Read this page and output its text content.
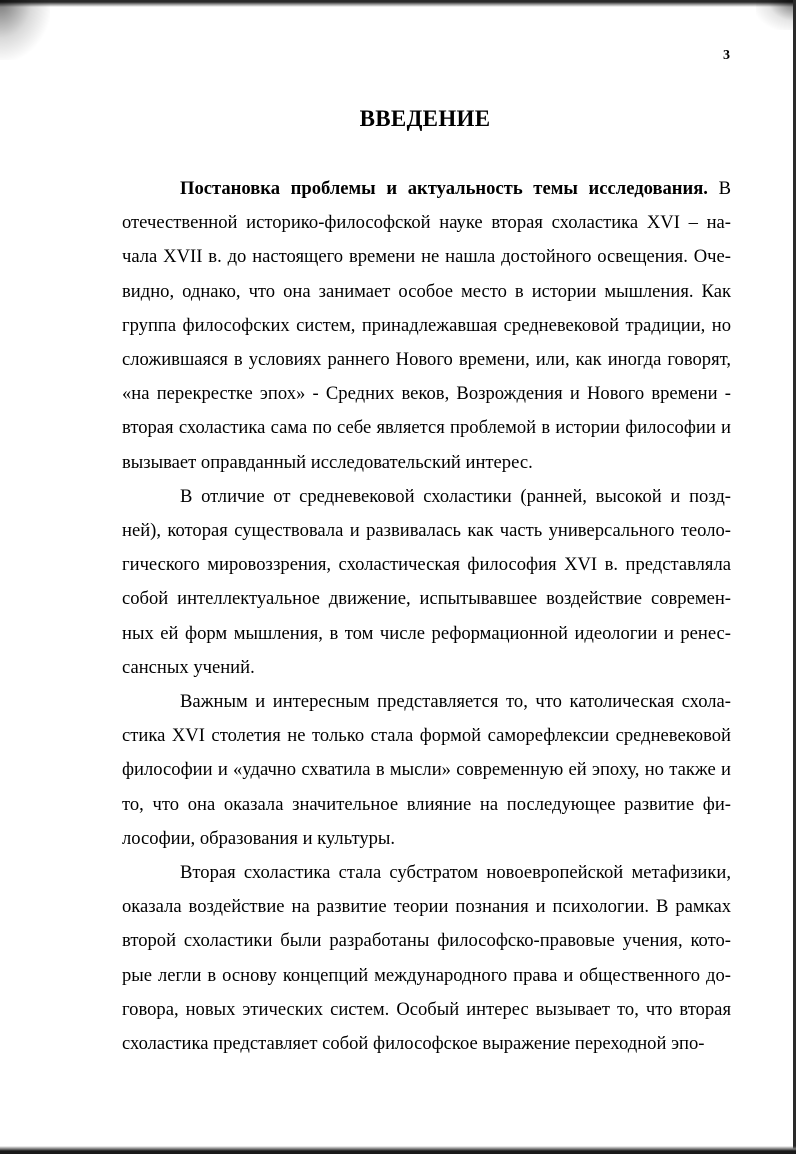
3
ВВЕДЕНИЕ

Постановка проблемы и актуальность темы исследования. В отечественной историко-философской науке вторая схоластика XVI – начала XVII в. до настоящего времени не нашла достойного освещения. Очевидно, однако, что она занимает особое место в истории мышления. Как группа философских систем, принадлежавшая средневековой традиции, но сложившаяся в условиях раннего Нового времени, или, как иногда говорят, «на перекрестке эпох» - Средних веков, Возрождения и Нового времени - вторая схоластика сама по себе является проблемой в истории философии и вызывает оправданный исследовательский интерес.

В отличие от средневековой схоластики (ранней, высокой и поздней), которая существовала и развивалась как часть универсального теологического мировоззрения, схоластическая философия XVI в. представляла собой интеллектуальное движение, испытывавшее воздействие современных ей форм мышления, в том числе реформационной идеологии и ренессансных учений.

Важным и интересным представляется то, что католическая схоластика XVI столетия не только стала формой саморефлексии средневековой философии и «удачно схватила в мысли» современную ей эпоху, но также и то, что она оказала значительное влияние на последующее развитие философии, образования и культуры.

Вторая схоластика стала субстратом новоевропейской метафизики, оказала воздействие на развитие теории познания и психологии. В рамках второй схоластики были разработаны философско-правовые учения, которые легли в основу концепций международного права и общественного договора, новых этических систем. Особый интерес вызывает то, что вторая схоластика представляет собой философское выражение переходной эпо-
